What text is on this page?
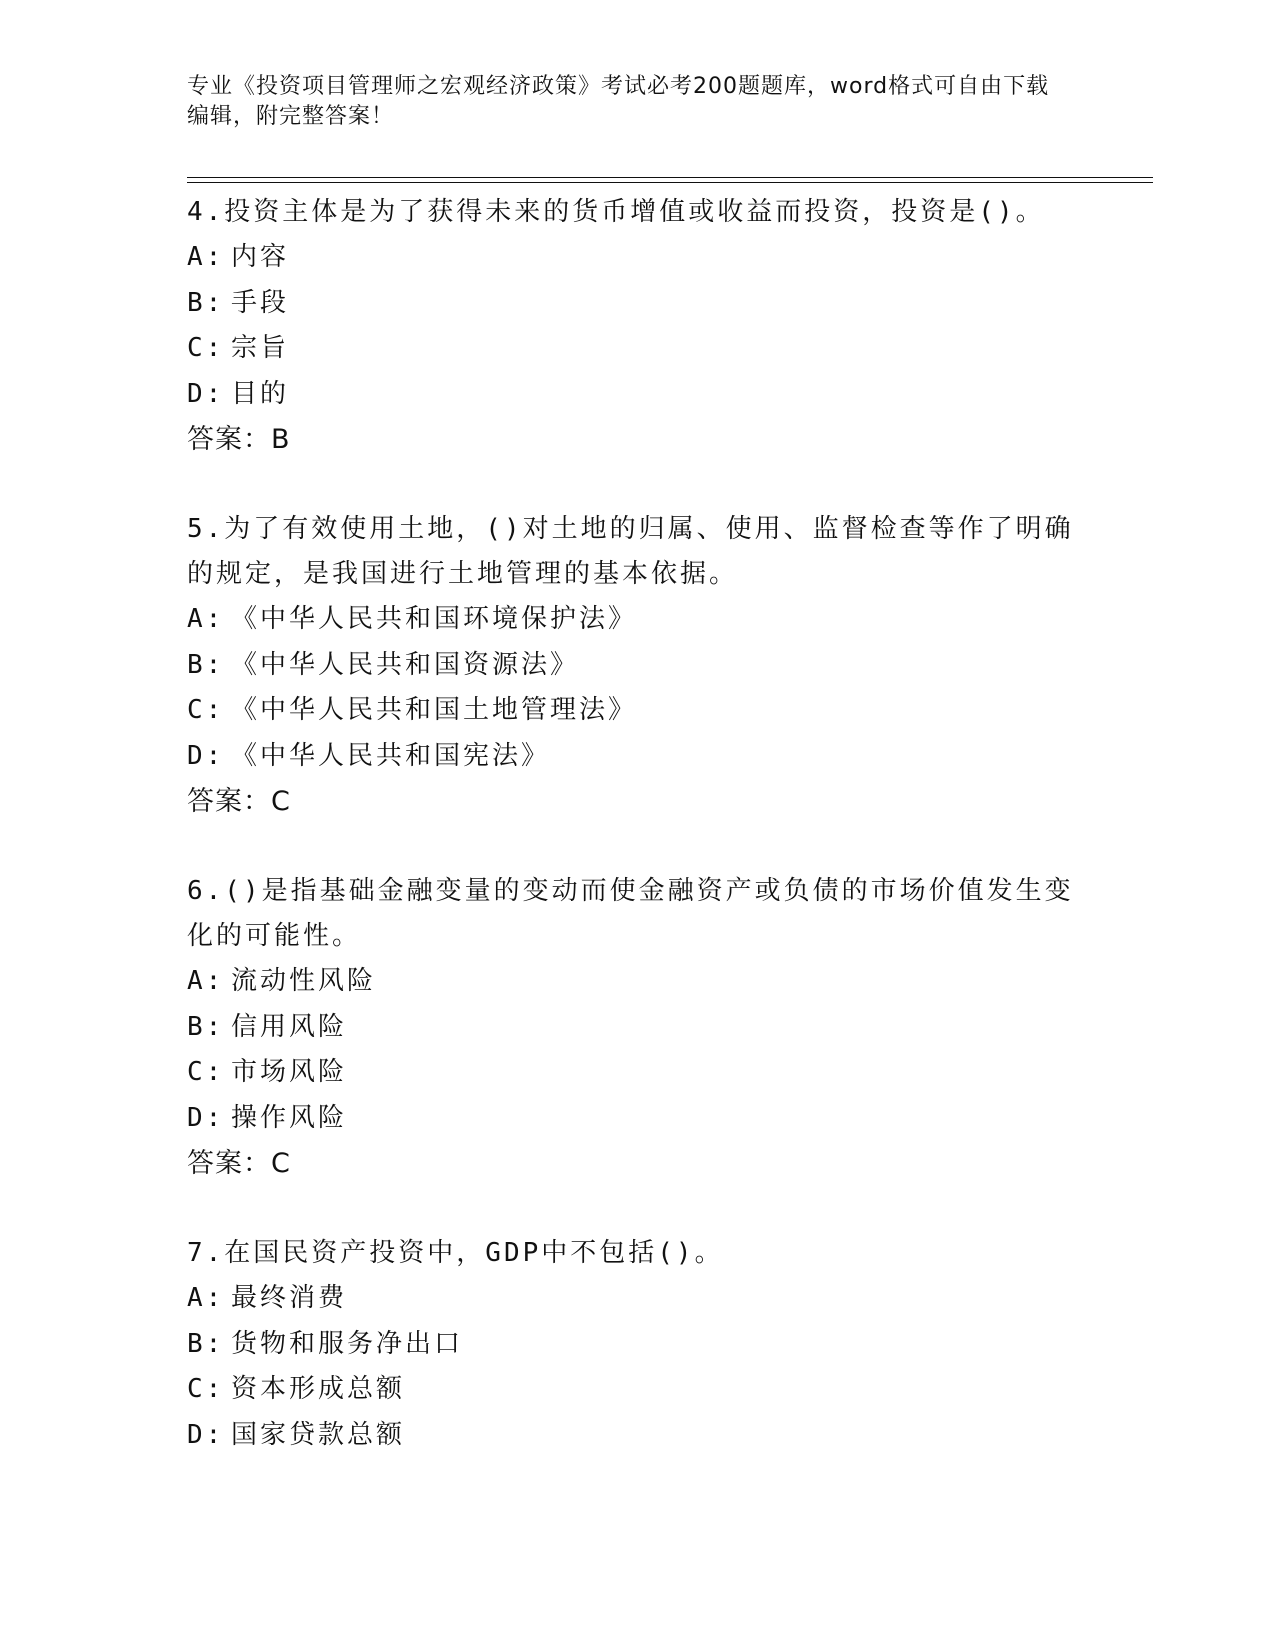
专业《投资项目管理师之宏观经济政策》考试必考200题题库，word格式可自由下载编辑，附完整答案！

4.投资主体是为了获得未来的货币增值或收益而投资，投资是()。

A: 内容
B: 手段
C: 宗旨
D: 目的
答案：B

5.为了有效使用土地，()对土地的归属、使用、监督检查等作了明确的规定，是我国进行土地管理的基本依据。

A: 《中华人民共和国环境保护法》
B: 《中华人民共和国资源法》
C: 《中华人民共和国土地管理法》
D: 《中华人民共和国宪法》
答案：C

6.()是指基础金融变量的变动而使金融资产或负债的市场价值发生变化的可能性。

A: 流动性风险
B: 信用风险
C: 市场风险
D: 操作风险
答案：C

7.在国民资产投资中，GDP中不包括()。

A: 最终消费
B: 货物和服务净出口
C: 资本形成总额
D: 国家贷款总额
